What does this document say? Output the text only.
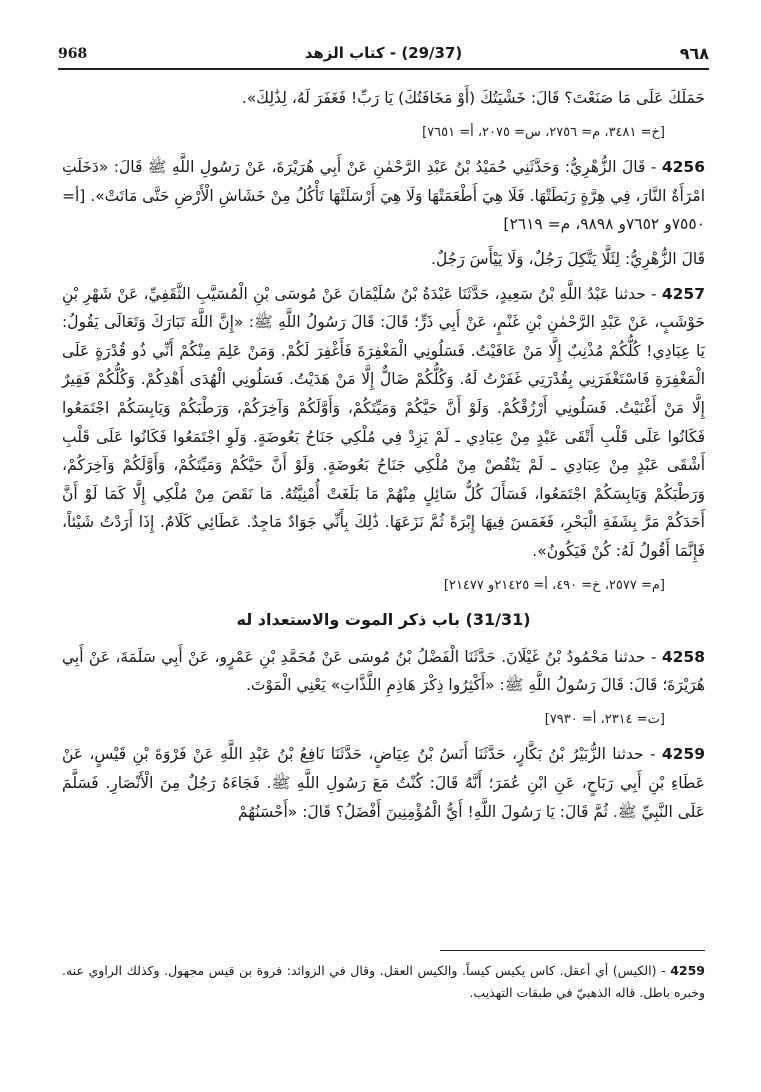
968	(29/37) - كتاب الزهد	٩٦٨

حَمَلَكَ عَلَى مَا صَنَعْتَ؟ قَالَ: خَشْيَتُكَ (أَوْ مَخَافَتُكَ) يَا رَبِّ! فَغَفَرَ لَهُ، لِذَٰلِكَ».

[خ= ٣٤٨١، م= ٢٧٥٦، س= ٢٠٧٥، أ= ٧٦٥١]

4256 - قَالَ الزُّهْرِيُّ: وَحَدَّثَنِي حُمَيْدُ بْنُ عَبْدِ الرَّحْمٰنِ عَنْ أَبِي هُرَيْرَةَ، عَنْ رَسُولِ اللَّهِ ﷺ قَالَ: «دَخَلَتِ امْرَأَةٌ النَّارَ، فِي هِرَّةٍ رَبَطَتْهَا. فَلَا هِيَ أَطْعَمَتْهَا وَلَا هِيَ أَرْسَلَتْهَا تَأْكُلُ مِنْ خَشَاشِ الْأَرْضِ حَتَّى مَاتَتْ». [أ= ٧٥٥٠و ٧٦٥٢و ٩٨٩٨، م= ٢٦١٩]

قَالَ الزُّهْرِيُّ: لِئَلَّا يَتَّكِلَ رَجُلٌ، وَلَا يَيْأَسَ رَجُلٌ.

4257 - حدثنا عَبْدُ اللَّهِ بْنُ سَعِيدٍ، حَدَّثَنَا عَبْدَةُ بْنُ سُلَيْمَانَ عَنْ مُوسَى بْنِ الْمُسَيَّبِ الثَّقَفِيِّ، عَنْ شَهْرِ بْنِ حَوْشَبٍ، عَنْ عَبْدِ الرَّحْمٰنِ بْنِ غَنْمٍ، عَنْ أَبِي ذَرٍّ؛ قَالَ: قَالَ رَسُولُ اللَّهِ ﷺ: «إِنَّ اللَّهَ تَبَارَكَ وَتَعَالَى يَقُولُ: يَا عِبَادِي! كُلُّكُمْ مُذْنِبٌ إِلَّا مَنْ عَافَيْتُ. فَسَلُونِي الْمَغْفِرَةَ فَأَغْفِرَ لَكُمْ. وَمَنْ عَلِمَ مِنْكُمْ أَنِّي ذُو قُدْرَةٍ عَلَى الْمَغْفِرَةِ فَاسْتَغْفَرَنِي بِقُدْرَتِي غَفَرْتُ لَهُ. وَكُلُّكُمْ ضَالٌّ إِلَّا مَنْ هَدَيْتُ. فَسَلُونِي الْهُدَى أَهْدِكُمْ. وَكُلُّكُمْ فَقِيرٌ إِلَّا مَنْ أَغْنَيْتُ. فَسَلُونِي أَرْزُقْكُمْ. وَلَوْ أَنَّ حَيَّكُمْ وَمَيِّتَكُمْ، وَأَوَّلَكُمْ وَآخِرَكُمْ، وَرَطْبَكُمْ وَيَابِسَكُمْ اجْتَمَعُوا فَكَانُوا عَلَى قَلْبِ أَتْقَى عَبْدٍ مِنْ عِبَادِي ـ لَمْ يَزِدْ فِي مُلْكِي جَنَاحُ بَعُوضَةٍ. وَلَوِ اجْتَمَعُوا فَكَانُوا عَلَى قَلْبِ أَشْقَى عَبْدٍ مِنْ عِبَادِي ـ لَمْ يَنْقُصْ مِنْ مُلْكِي جَنَاحُ بَعُوضَةٍ. وَلَوْ أَنَّ حَيَّكُمْ وَمَيِّتَكُمْ، وَأَوَّلَكُمْ وَآخِرَكُمْ، وَرَطْبَكُمْ وَيَابِسَكُمْ اجْتَمَعُوا، فَسَأَلَ كُلُّ سَائِلٍ مِنْهُمْ مَا بَلَغَتْ أُمْنِيَّتُهُ. مَا نَقَصَ مِنْ مُلْكِي إِلَّا كَمَا لَوْ أَنَّ أَحَدَكُمْ مَرَّ بِشَفَةِ الْبَحْرِ، فَغَمَسَ فِيهَا إِبْرَةً ثُمَّ نَزَعَهَا. ذَٰلِكَ بِأَنِّي جَوَادٌ مَاجِدٌ. عَطَائِي كَلَامٌ. إِذَا أَرَدْتُ شَيْئاً، فَإِنَّمَا أَقُولُ لَهُ: كُنْ فَيَكُونُ».

[م= ٢٥٧٧، خ= ٤٩٠، أ= ٢١٤٢٥و ٢١٤٧٧]

(31/31) باب ذكر الموت والاستعداد له

4258 - حدثنا مَحْمُودُ بْنُ غَيْلَانَ. حَدَّثَنَا الْفَضْلُ بْنُ مُوسَى عَنْ مُحَمَّدِ بْنِ عَمْرٍو، عَنْ أَبِي سَلَمَةَ، عَنْ أَبِي هُرَيْرَةَ؛ قَالَ: قَالَ رَسُولُ اللَّهِ ﷺ: «أَكْثِرُوا ذِكْرَ هَاذِمِ اللَّذَّاتِ» يَعْنِي الْمَوْتَ.

[ت= ٢٣١٤، أ= ٧٩٣٠]

4259 - حدثنا الزُّبَيْرُ بْنُ بَكَّارٍ، حَدَّثَنَا أَنَسُ بْنُ عِيَاضٍ، حَدَّثَنَا نَافِعُ بْنُ عَبْدِ اللَّهِ عَنْ فَرْوَةَ بْنِ قَيْسٍ، عَنْ عَطَاءِ بْنِ أَبِي رَبَاحٍ، عَنِ ابْنِ عُمَرَ؛ أَنَّهُ قَالَ: كُنْتُ مَعَ رَسُولِ اللَّهِ ﷺ. فَجَاءَهُ رَجُلٌ مِنَ الْأَنْصَارِ. فَسَلَّمَ عَلَى النَّبِيِّ ﷺ. ثُمَّ قَالَ: يَا رَسُولَ اللَّهِ! أَيُّ الْمُؤْمِنِينَ أَفْضَلُ؟ قَالَ: «أَحْسَنُهُمْ

4259 - (الكيس) أي أعقل. كاس يكيس كيساً. والكيس العقل. وقال في الزوائد: فروة بن قيس مجهول. وكذلك الراوي عنه. وخبره باطل. قاله الذهبيّ في طبقات التهذيب.
